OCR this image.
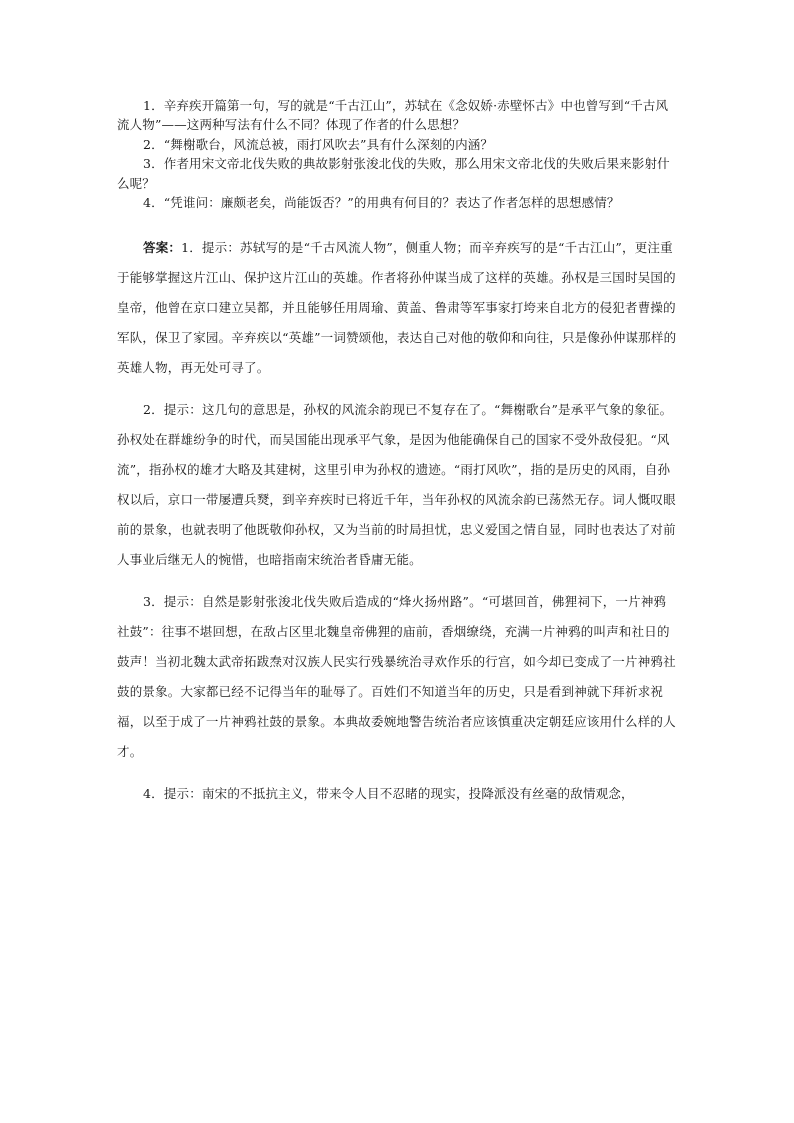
1．辛弃疾开篇第一句，写的就是“千古江山”，苏轼在《念奴娇·赤壁怀古》中也曾写到“千古风流人物”——这两种写法有什么不同？体现了作者的什么思想？

2．“舞榭歌台，风流总被，雨打风吹去”具有什么深刻的内涵？

3．作者用宋文帝北伐失败的典故影射张浚北伐的失败，那么用宋文帝北伐的失败后果来影射什么呢？

4．“凭谁问：廉颇老矣，尚能饭否？”的用典有何目的？表达了作者怎样的思想感情？

答案：1．提示：苏轼写的是“千古风流人物”，侧重人物；而辛弃疾写的是“千古江山”，更注重于能够掌握这片江山、保护这片江山的英雄。作者将孙仲谋当成了这样的英雄。孙权是三国时吴国的皇帝，他曾在京口建立吴都，并且能够任用周瑜、黄盖、鲁肃等军事家打垮来自北方的侵犯者曹操的军队，保卫了家园。辛弃疾以“英雄”一词赞颂他，表达自己对他的敬仰和向往，只是像孙仲谋那样的英雄人物，再无处可寻了。

2．提示：这几句的意思是，孙权的风流余韵现已不复存在了。“舞榭歌台”是承平气象的象征。孙权处在群雄纷争的时代，而吴国能出现承平气象，是因为他能确保自己的国家不受外敌侵犯。“风流”，指孙权的雄才大略及其建树，这里引申为孙权的遗迹。“雨打风吹”，指的是历史的风雨，自孙权以后，京口一带屡遭兵燹，到辛弃疾时已将近千年，当年孙权的风流余韵已荡然无存。词人慨叹眼前的景象，也就表明了他既敬仰孙权，又为当前的时局担忧，忠义爱国之情自显，同时也表达了对前人事业后继无人的惋惜，也暗指南宋统治者昏庸无能。

3．提示：自然是影射张浚北伐失败后造成的“烽火扬州路”。“可堪回首，佛狸祠下，一片神鸦社鼓”：往事不堪回想，在敌占区里北魏皇帝佛狸的庙前，香烟缭绕，充满一片神鸦的叫声和社日的鼓声！当初北魏太武帝拓跋焘对汉族人民实行残暴统治寻欢作乐的行宫，如今却已变成了一片神鸦社鼓的景象。大家都已经不记得当年的耻辱了。百姓们不知道当年的历史，只是看到神就下拜祈求祝福，以至于成了一片神鸦社鼓的景象。本典故委婉地警告统治者应该慎重决定朝廷应该用什么样的人才。

4．提示：南宋的不抵抗主义，带来令人目不忍睹的现实，投降派没有丝毫的敌情观念，
